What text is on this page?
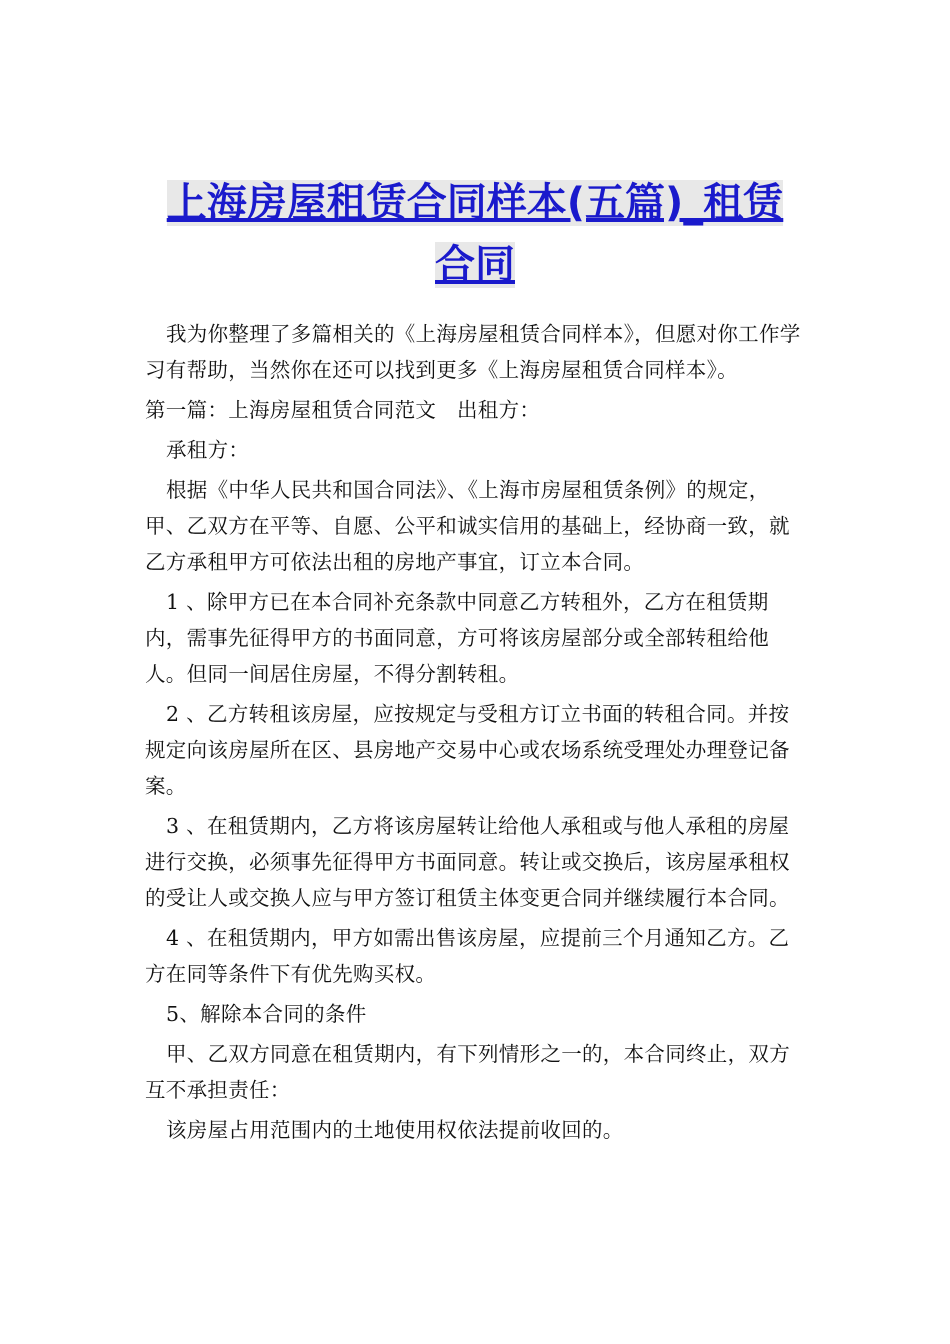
上海房屋租赁合同样本(五篇)_租赁合同

我为你整理了多篇相关的《上海房屋租赁合同样本》，但愿对你工作学习有帮助，当然你在还可以找到更多《上海房屋租赁合同样本》。

第一篇：上海房屋租赁合同范文　出租方：

承租方：

根据《中华人民共和国合同法》、《上海市房屋租赁条例》的规定，甲、乙双方在平等、自愿、公平和诚实信用的基础上，经协商一致，就乙方承租甲方可依法出租的房地产事宜，订立本合同。

1 、除甲方已在本合同补充条款中同意乙方转租外，乙方在租赁期内，需事先征得甲方的书面同意，方可将该房屋部分或全部转租给他人。但同一间居住房屋，不得分割转租。

2 、乙方转租该房屋，应按规定与受租方订立书面的转租合同。并按规定向该房屋所在区、县房地产交易中心或农场系统受理处办理登记备案。

3 、在租赁期内，乙方将该房屋转让给他人承租或与他人承租的房屋进行交换，必须事先征得甲方书面同意。转让或交换后，该房屋承租权的受让人或交换人应与甲方签订租赁主体变更合同并继续履行本合同。

4 、在租赁期内，甲方如需出售该房屋，应提前三个月通知乙方。乙方在同等条件下有优先购买权。

5、解除本合同的条件

甲、乙双方同意在租赁期内，有下列情形之一的，本合同终止，双方互不承担责任：

该房屋占用范围内的土地使用权依法提前收回的。
